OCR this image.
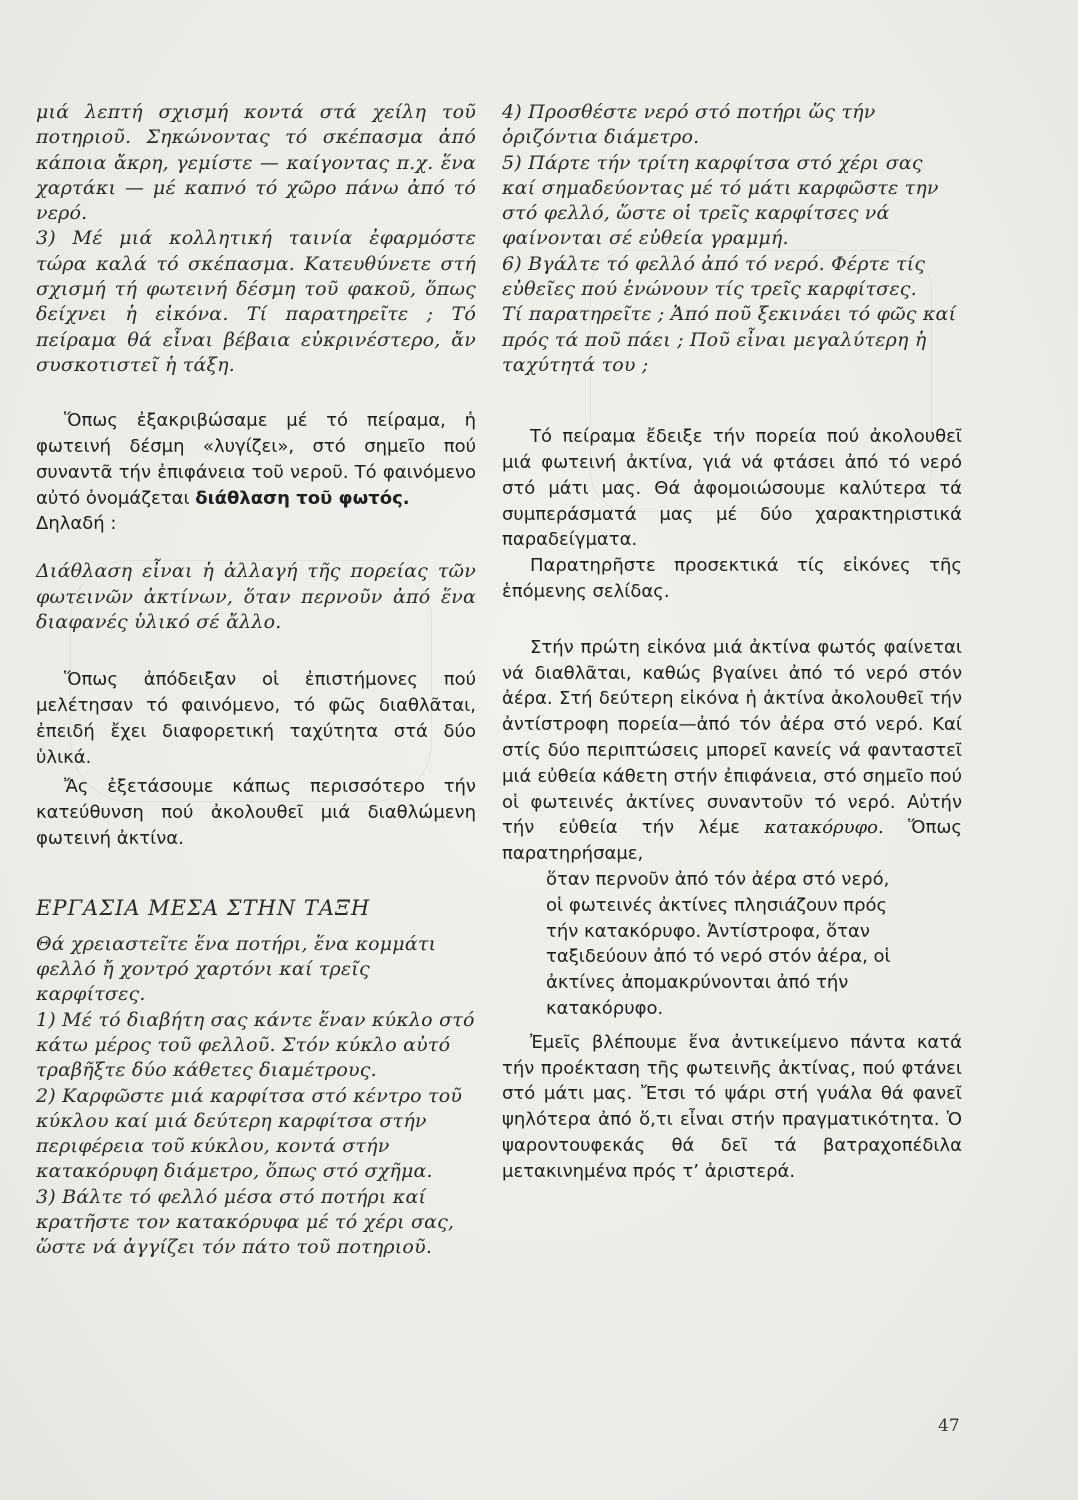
μιά λεπτή σχισμή κοντά στά χείλη τοῦ ποτηριοῦ. Σηκώνοντας τό σκέπασμα ἀπό κάποια ἄκρη, γεμίστε — καίγοντας π.χ. ἕνα χαρτάκι — μέ καπνό τό χῶρο πάνω ἀπό τό νερό.

3) Μέ μιά κολλητική ταινία ἐφαρμόστε τώρα καλά τό σκέπασμα. Κατευθύνετε στή σχισμή τή φωτεινή δέσμη τοῦ φακοῦ, ὅπως δείχνει ἡ εἰκόνα. Τί παρατηρεῖτε ; Τό πείραμα θά εἶναι βέβαια εὐκρινέστερο, ἄν συσκοτιστεῖ ἡ τάξη.

Ὅπως ἐξακριβώσαμε μέ τό πείραμα, ἡ φωτεινή δέσμη «λυγίζει», στό σημεῖο πού συναντᾶ τήν ἐπιφάνεια τοῦ νεροῦ. Τό φαινόμενο αὐτό ὀνομάζεται διάθλαση τοῦ φωτός.
Δηλαδή :

Διάθλαση εἶναι ἡ ἀλλαγή τῆς πορείας τῶν φωτεινῶν ἀκτίνων, ὅταν περνοῦν ἀπό ἕνα διαφανές ὑλικό σέ ἄλλο.

Ὅπως ἀπόδειξαν οἱ ἐπιστήμονες πού μελέτησαν τό φαινόμενο, τό φῶς διαθλᾶται, ἐπειδή ἔχει διαφορετική ταχύτητα στά δύο ὑλικά.

Ἄς ἐξετάσουμε κάπως περισσότερο τήν κατεύθυνση πού ἀκολουθεῖ μιά διαθλώμενη φωτεινή ἀκτίνα.

ΕΡΓΑΣΙΑ ΜΕΣΑ ΣΤΗΝ ΤΑΞΗ

Θά χρειαστεῖτε ἕνα ποτήρι, ἕνα κομμάτι φελλό ἤ χοντρό χαρτόνι καί τρεῖς καρφίτσες.

1) Μέ τό διαβήτη σας κάντε ἕναν κύκλο στό κάτω μέρος τοῦ φελλοῦ. Στόν κύκλο αὐτό τραβῆξτε δύο κάθετες διαμέτρους.

2) Καρφῶστε μιά καρφίτσα στό κέντρο τοῦ κύκλου καί μιά δεύτερη καρφίτσα στήν περιφέρεια τοῦ κύκλου, κοντά στήν κατακόρυφη διάμετρο, ὅπως στό σχῆμα.

3) Βάλτε τό φελλό μέσα στό ποτήρι καί κρατῆστε τον κατακόρυφα μέ τό χέρι σας, ὥστε νά ἀγγίζει τόν πάτο τοῦ ποτηριοῦ.

4) Προσθέστε νερό στό ποτήρι ὥς τήν ὁριζόντια διάμετρο.

5) Πάρτε τήν τρίτη καρφίτσα στό χέρι σας καί σημαδεύοντας μέ τό μάτι καρφῶστε την στό φελλό, ὥστε οἱ τρεῖς καρφίτσες νά φαίνονται σέ εὐθεία γραμμή.

6) Βγάλτε τό φελλό ἀπό τό νερό. Φέρτε τίς εὐθεῖες πού ἑνώνουν τίς τρεῖς καρφίτσες.

Τί παρατηρεῖτε ; Ἀπό ποῦ ξεκινάει τό φῶς καί πρός τά ποῦ πάει ; Ποῦ εἶναι μεγαλύτερη ἡ ταχύτητά του ;

Τό πείραμα ἔδειξε τήν πορεία πού ἀκολουθεῖ μιά φωτεινή ἀκτίνα, γιά νά φτάσει ἀπό τό νερό στό μάτι μας. Θά ἀφομοιώσουμε καλύτερα τά συμπεράσματά μας μέ δύο χαρακτηριστικά παραδείγματα.

Παρατηρῆστε προσεκτικά τίς εἰκόνες τῆς ἑπόμενης σελίδας.

Στήν πρώτη εἰκόνα μιά ἀκτίνα φωτός φαίνεται νά διαθλᾶται, καθώς βγαίνει ἀπό τό νερό στόν ἀέρα. Στή δεύτερη εἰκόνα ἡ ἀκτίνα ἀκολουθεῖ τήν ἀντίστροφη πορεία—ἀπό τόν ἀέρα στό νερό. Καί στίς δύο περιπτώσεις μπορεῖ κανείς νά φανταστεῖ μιά εὐθεία κάθετη στήν ἐπιφάνεια, στό σημεῖο πού οἱ φωτεινές ἀκτίνες συναντοῦν τό νερό. Αὐτήν τήν εὐθεία τήν λέμε κατακόρυφο. Ὅπως παρατηρήσαμε,

ὅταν περνοῦν ἀπό τόν ἀέρα στό νερό,

οἱ φωτεινές ἀκτίνες πλησιάζουν πρός

τήν κατακόρυφο. Ἀντίστροφα, ὅταν

ταξιδεύουν ἀπό τό νερό στόν ἀέρα, οἱ

ἀκτίνες ἀπομακρύνονται ἀπό τήν

κατακόρυφο.

Ἐμεῖς βλέπουμε ἕνα ἀντικείμενο πάντα κατά τήν προέκταση τῆς φωτεινῆς ἀκτίνας, πού φτάνει στό μάτι μας. Ἔτσι τό ψάρι στή γυάλα θά φανεῖ ψηλότερα ἀπό ὅ,τι εἶναι στήν πραγματικότητα. Ὁ ψαροντουφεκάς θά δεῖ τά βατραχοπέδιλα μετακινημένα πρός τ’ ἀριστερά.

47
